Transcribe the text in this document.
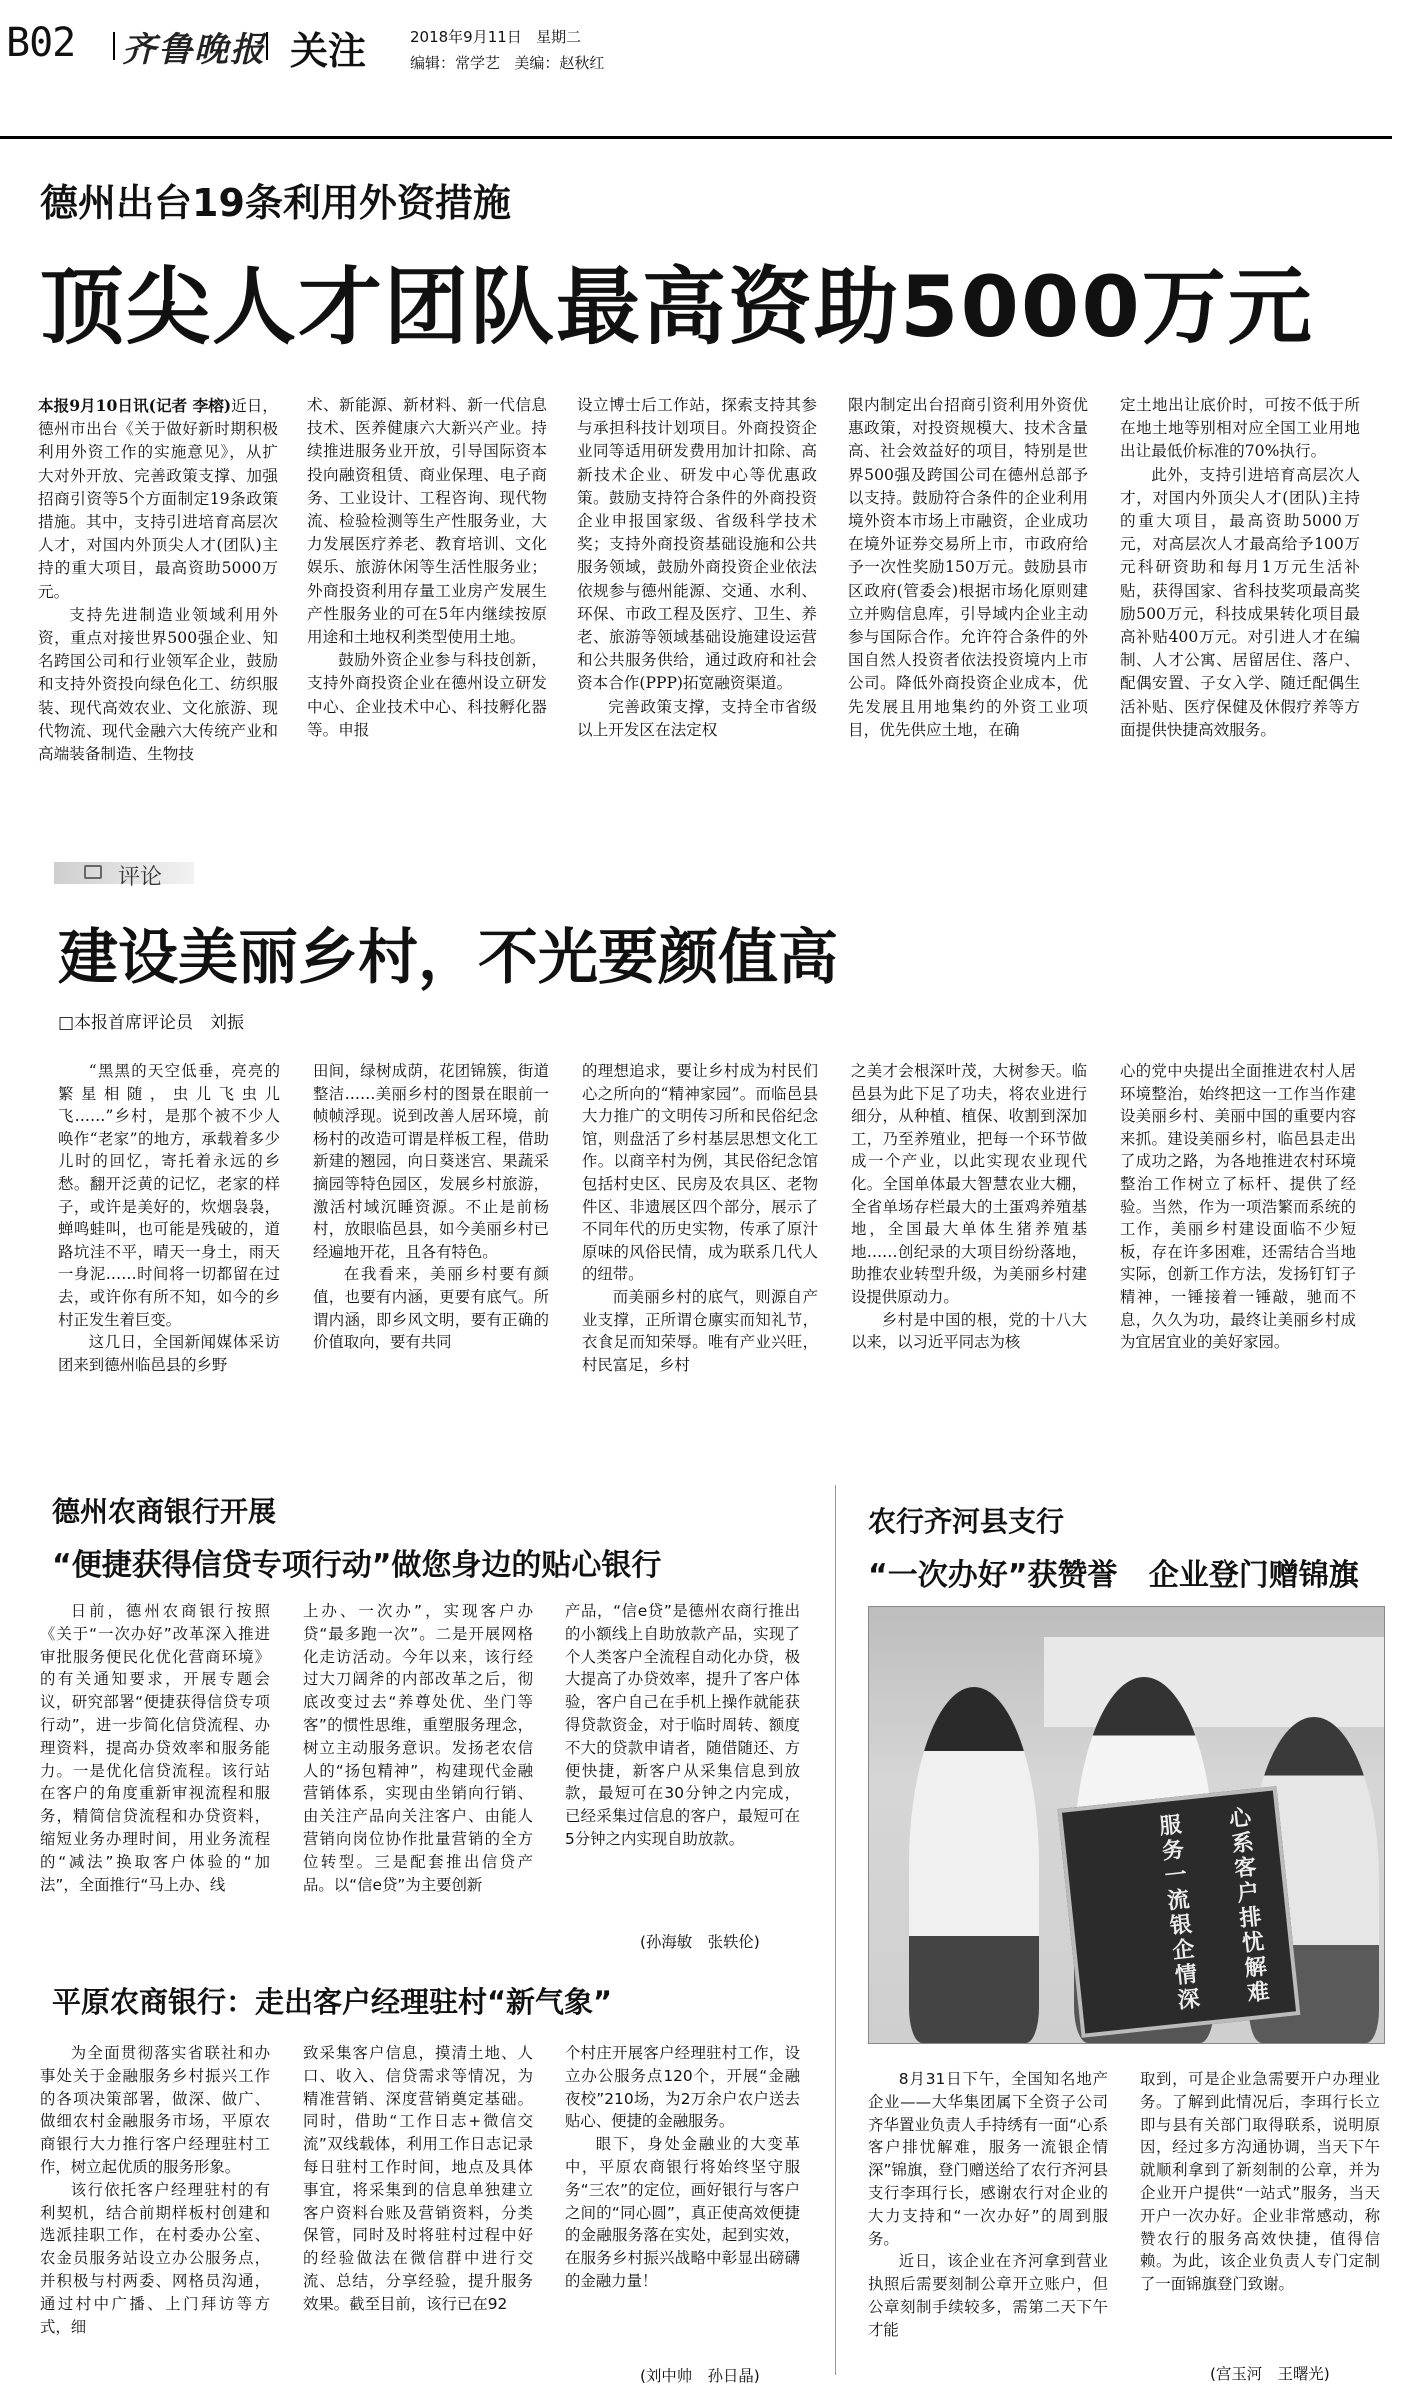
B02 齐鲁晚报 关注	2018年9月11日 星期二
编辑：常学艺 美编：赵秋红
德州出台19条利用外资措施
顶尖人才团队最高资助5000万元

本报9月10日讯(记者 李榕)近日，德州市出台《关于做好新时期积极利用外资工作的实施意见》，从扩大对外开放、完善政策支撑、加强招商引资等5个方面制定19条政策措施。其中，支持引进培育高层次人才，对国内外顶尖人才(团队)主持的重大项目，最高资助5000万元。

支持先进制造业领域利用外资，重点对接世界500强企业、知名跨国公司和行业领军企业，鼓励和支持外资投向绿色化工、纺织服装、现代高效农业、文化旅游、现代物流、现代金融六大传统产业和高端装备制造、生物技

术、新能源、新材料、新一代信息技术、医养健康六大新兴产业。持续推进服务业开放，引导国际资本投向融资租赁、商业保理、电子商务、工业设计、工程咨询、现代物流、检验检测等生产性服务业，大力发展医疗养老、教育培训、文化娱乐、旅游休闲等生活性服务业；外商投资利用存量工业房产发展生产性服务业的可在5年内继续按原用途和土地权利类型使用土地。

鼓励外资企业参与科技创新，支持外商投资企业在德州设立研发中心、企业技术中心、科技孵化器等。申报

设立博士后工作站，探索支持其参与承担科技计划项目。外商投资企业同等适用研发费用加计扣除、高新技术企业、研发中心等优惠政策。鼓励支持符合条件的外商投资企业申报国家级、省级科学技术奖；支持外商投资基础设施和公共服务领域，鼓励外商投资企业依法依规参与德州能源、交通、水利、环保、市政工程及医疗、卫生、养老、旅游等领域基础设施建设运营和公共服务供给，通过政府和社会资本合作(PPP)拓宽融资渠道。

完善政策支撑，支持全市省级以上开发区在法定权

限内制定出台招商引资利用外资优惠政策，对投资规模大、技术含量高、社会效益好的项目，特别是世界500强及跨国公司在德州总部予以支持。鼓励符合条件的企业利用境外资本市场上市融资，企业成功在境外证券交易所上市，市政府给予一次性奖励150万元。鼓励县市区政府(管委会)根据市场化原则建立并购信息库，引导域内企业主动参与国际合作。允许符合条件的外国自然人投资者依法投资境内上市公司。降低外商投资企业成本，优先发展且用地集约的外资工业项目，优先供应土地，在确

定土地出让底价时，可按不低于所在地土地等别相对应全国工业用地出让最低价标准的70%执行。

此外，支持引进培育高层次人才，对国内外顶尖人才(团队)主持的重大项目，最高资助5000万元，对高层次人才最高给予100万元科研资助和每月1万元生活补贴，获得国家、省科技奖项最高奖励500万元，科技成果转化项目最高补贴400万元。对引进人才在编制、人才公寓、居留居住、落户、配偶安置、子女入学、随迁配偶生活补贴、医疗保健及休假疗养等方面提供快捷高效服务。

评论
建设美丽乡村，不光要颜值高
□本报首席评论员　刘振

“黑黑的天空低垂，亮亮的繁星相随，虫儿飞虫儿飞……”乡村，是那个被不少人唤作“老家”的地方，承载着多少儿时的回忆，寄托着永远的乡愁。翻开泛黄的记忆，老家的样子，或许是美好的，炊烟袅袅，蝉鸣蛙叫，也可能是残破的，道路坑洼不平，晴天一身土，雨天一身泥……时间将一切都留在过去，或许你有所不知，如今的乡村正发生着巨变。

这几日，全国新闻媒体采访团来到德州临邑县的乡野

田间，绿树成荫，花团锦簇，街道整洁……美丽乡村的图景在眼前一帧帧浮现。说到改善人居环境，前杨村的改造可谓是样板工程，借助新建的翘园，向日葵迷宫、果蔬采摘园等特色园区，发展乡村旅游，激活村域沉睡资源。不止是前杨村，放眼临邑县，如今美丽乡村已经遍地开花，且各有特色。

在我看来，美丽乡村要有颜值，也要有内涵，更要有底气。所谓内涵，即乡风文明，要有正确的价值取向，要有共同

的理想追求，要让乡村成为村民们心之所向的“精神家园”。而临邑县大力推广的文明传习所和民俗纪念馆，则盘活了乡村基层思想文化工作。以商辛村为例，其民俗纪念馆包括村史区、民房及农具区、老物件区、非遗展区四个部分，展示了不同年代的历史实物，传承了原汁原味的风俗民情，成为联系几代人的纽带。

而美丽乡村的底气，则源自产业支撑，正所谓仓廪实而知礼节，衣食足而知荣辱。唯有产业兴旺，村民富足，乡村

之美才会根深叶茂，大树参天。临邑县为此下足了功夫，将农业进行细分，从种植、植保、收割到深加工，乃至养殖业，把每一个环节做成一个产业，以此实现农业现代化。全国单体最大智慧农业大棚，全省单场存栏最大的土蛋鸡养殖基地，全国最大单体生猪养殖基地……创纪录的大项目纷纷落地，助推农业转型升级，为美丽乡村建设提供原动力。

乡村是中国的根，党的十八大以来，以习近平同志为核

心的党中央提出全面推进农村人居环境整治，始终把这一工作当作建设美丽乡村、美丽中国的重要内容来抓。建设美丽乡村，临邑县走出了成功之路，为各地推进农村环境整治工作树立了标杆、提供了经验。当然，作为一项浩繁而系统的工作，美丽乡村建设面临不少短板，存在许多困难，还需结合当地实际，创新工作方法，发扬钉钉子精神，一锤接着一锤敲，驰而不息，久久为功，最终让美丽乡村成为宜居宜业的美好家园。

德州农商银行开展
“便捷获得信贷专项行动”做您身边的贴心银行

日前，德州农商银行按照《关于“一次办好”改革深入推进审批服务便民化优化营商环境》的有关通知要求，开展专题会议，研究部署“便捷获得信贷专项行动”，进一步简化信贷流程、办理资料，提高办贷效率和服务能力。一是优化信贷流程。该行站在客户的角度重新审视流程和服务，精简信贷流程和办贷资料，缩短业务办理时间，用业务流程的“减法”换取客户体验的“加法”，全面推行“马上办、线

上办、一次办”，实现客户办贷“最多跑一次”。二是开展网格化走访活动。今年以来，该行经过大刀阔斧的内部改革之后，彻底改变过去“养尊处优、坐门等客”的惯性思维，重塑服务理念，树立主动服务意识。发扬老农信人的“扬包精神”，构建现代金融营销体系，实现由坐销向行销、由关注产品向关注客户、由能人营销向岗位协作批量营销的全方位转型。三是配套推出信贷产品。以“信e贷”为主要创新

产品，“信e贷”是德州农商行推出的小额线上自助放款产品，实现了个人类客户全流程自动化办贷，极大提高了办贷效率，提升了客户体验，客户自己在手机上操作就能获得贷款资金，对于临时周转、额度不大的贷款申请者，随借随还、方便快捷，新客户从采集信息到放款，最短可在30分钟之内完成，已经采集过信息的客户，最短可在5分钟之内实现自助放款。

(孙海敏　张轶伦)
平原农商银行：走出客户经理驻村“新气象”

为全面贯彻落实省联社和办事处关于金融服务乡村振兴工作的各项决策部署，做深、做广、做细农村金融服务市场，平原农商银行大力推行客户经理驻村工作，树立起优质的服务形象。

该行依托客户经理驻村的有利契机，结合前期样板村创建和选派挂职工作，在村委办公室、农金员服务站设立办公服务点，并积极与村两委、网格员沟通，通过村中广播、上门拜访等方式，细

致采集客户信息，摸清土地、人口、收入、信贷需求等情况，为精准营销、深度营销奠定基础。同时，借助“工作日志+微信交流”双线载体，利用工作日志记录每日驻村工作时间，地点及具体事宜，将采集到的信息单独建立客户资料台账及营销资料，分类保管，同时及时将驻村过程中好的经验做法在微信群中进行交流、总结，分享经验，提升服务效果。截至目前，该行已在92

个村庄开展客户经理驻村工作，设立办公服务点120个，开展“金融夜校”210场，为2万余户农户送去贴心、便捷的金融服务。

眼下，身处金融业的大变革中，平原农商银行将始终坚守服务“三农”的定位，画好银行与客户之间的“同心圆”，真正使高效便捷的金融服务落在实处，起到实效，在服务乡村振兴战略中彰显出磅礴的金融力量！

(刘中帅　孙日晶)
农行齐河县支行
“一次办好”获赞誉 企业登门赠锦旗
心系客户排忧解难
服务一流银企情深

8月31日下午，全国知名地产企业——大华集团属下全资子公司齐华置业负责人手持绣有一面“心系客户排忧解难，服务一流银企情深”锦旗，登门赠送给了农行齐河县支行李珥行长，感谢农行对企业的大力支持和“一次办好”的周到服务。

近日，该企业在齐河拿到营业执照后需要刻制公章开立账户，但公章刻制手续较多，需第二天下午才能

取到，可是企业急需要开户办理业务。了解到此情况后，李珥行长立即与县有关部门取得联系，说明原因，经过多方沟通协调，当天下午就顺利拿到了新刻制的公章，并为企业开户提供“一站式”服务，当天开户一次办好。企业非常感动，称赞农行的服务高效快捷，值得信赖。为此，该企业负责人专门定制了一面锦旗登门致谢。

(宫玉河　王曙光)
